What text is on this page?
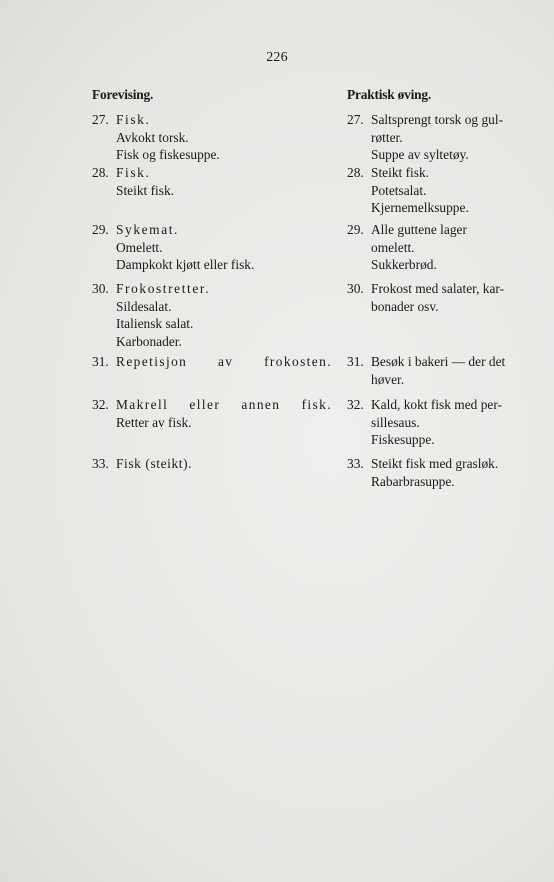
226
Forevising.
27. Fisk.
Avkokt torsk.
Fisk og fiskesuppe.
28. Fisk.
Steikt fisk.
29. Sykemat.
Omelett.
Dampkokt kjøtt eller fisk.
30. Frokostretter.
Sildesalat.
Italiensk salat.
Karbonader.
31. Repetisjon av frokosten.
32. Makrell eller annen fisk.
Retter av fisk.
33. Fisk (steikt).
Praktisk øving.
27. Saltsprengt torsk og gul-
røtter.
Suppe av syltetøy.
28. Steikt fisk.
Potetsalat.
Kjernemelksuppe.
29. Alle guttene lager
omelett.
Sukkerbrød.
30. Frokost med salater, kar-
bonader osv.
31. Besøk i bakeri — der det
høver.
32. Kald, kokt fisk med per-
sillesaus.
Fiskesuppe.
33. Steikt fisk med grasløk.
Rabarbrasuppe.
